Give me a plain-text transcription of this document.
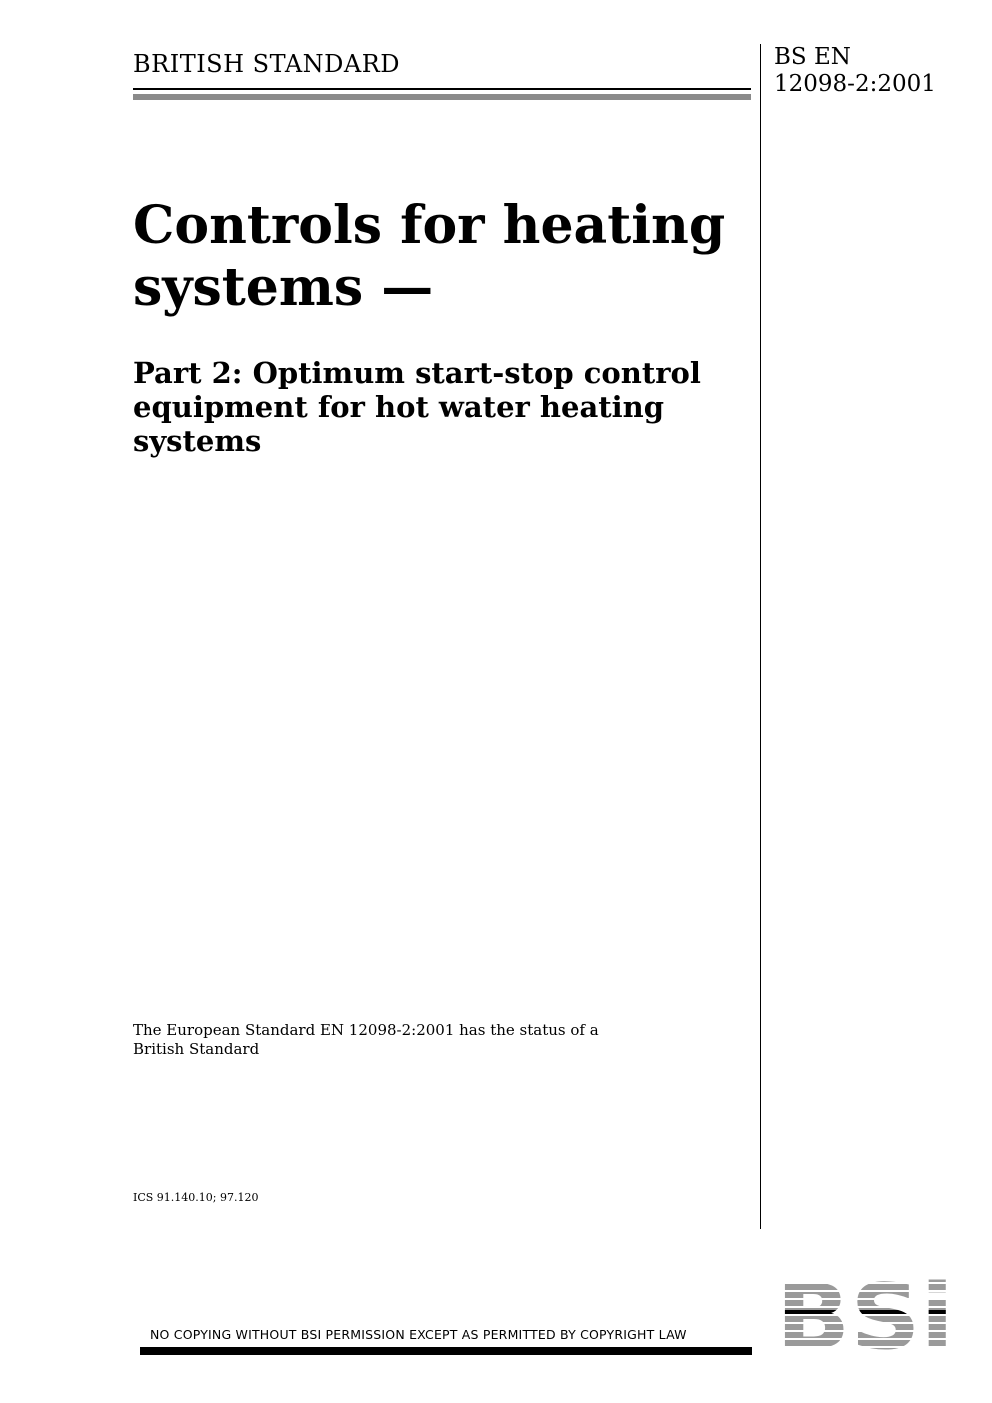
BRITISH STANDARD	BS EN
12098-2:2001
Controls for heating
systems —
Part 2: Optimum start-stop control
equipment for hot water heating
systems
The European Standard EN 12098-2:2001 has the status of a
British Standard
ICS 91.140.10; 97.120
NO COPYING WITHOUT BSI PERMISSION EXCEPT AS PERMITTED BY COPYRIGHT LAW
